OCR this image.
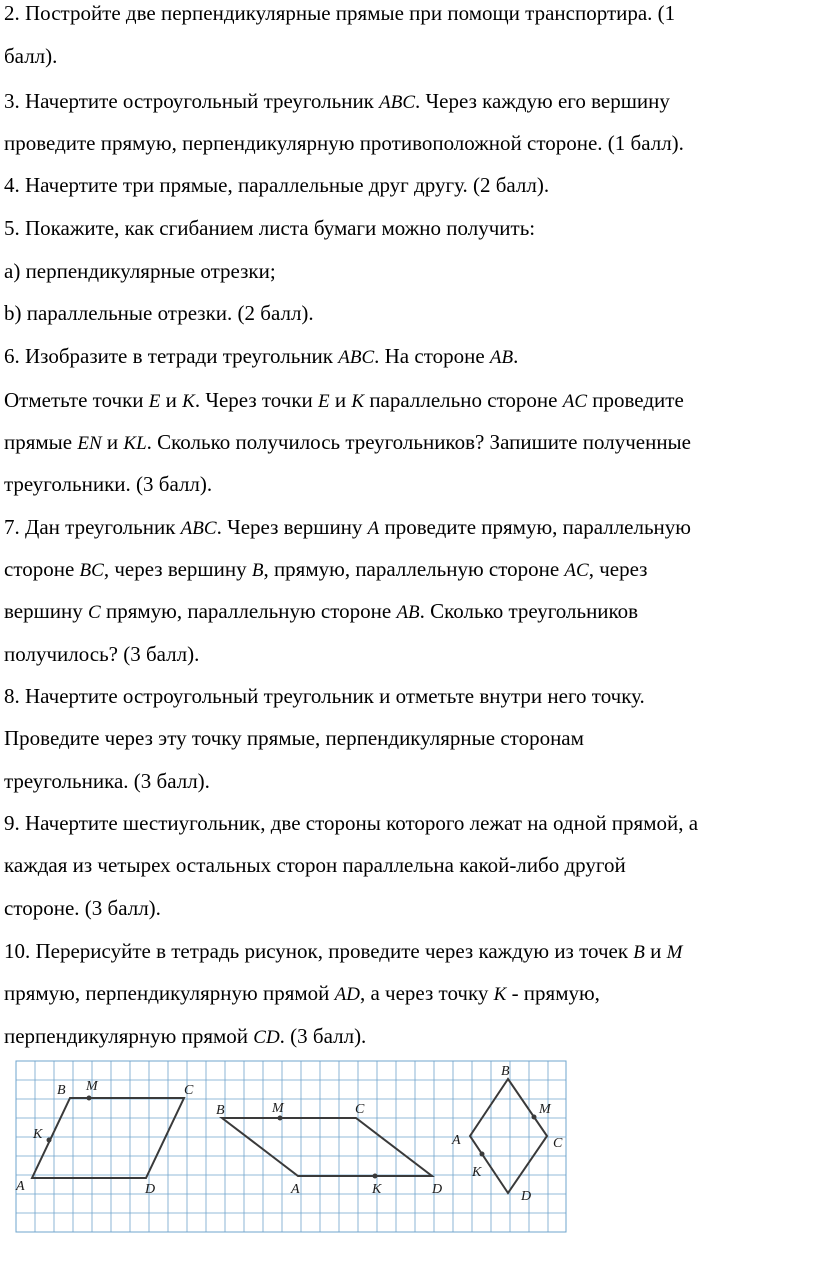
2. Постройте две перпендикулярные прямые при помощи транспортира. (1
балл).
3. Начертите остроугольный треугольник ABC. Через каждую его вершину
проведите прямую, перпендикулярную противоположной стороне. (1 балл).
4. Начертите три прямые, параллельные друг другу. (2 балл).
5. Покажите, как сгибанием листа бумаги можно получить:
a) перпендикулярные отрезки;
b) параллельные отрезки. (2 балл).
6. Изобразите в тетради треугольник ABC. На стороне AB.
Отметьте точки E и K. Через точки E и K параллельно стороне AC проведите
прямые EN и KL. Сколько получилось треугольников? Запишите полученные
треугольники. (3 балл).
7. Дан треугольник ABC. Через вершину A проведите прямую, параллельную
стороне BC, через вершину B, прямую, параллельную стороне AC, через
вершину C прямую, параллельную стороне AB. Сколько треугольников
получилось? (3 балл).
8. Начертите остроугольный треугольник и отметьте внутри него точку.
Проведите через эту точку прямые, перпендикулярные сторонам
треугольника. (3 балл).
9. Начертите шестиугольник, две стороны которого лежат на одной прямой, а
каждая из четырех остальных сторон параллельна какой-либо другой
стороне. (3 балл).
10. Перерисуйте в тетрадь рисунок, проведите через каждую из точек B и M
прямую, перпендикулярную прямой AD, а через точку K - прямую,
перпендикулярную прямой CD. (3 балл).
B M	C
K
A	D
B	M	C
A	K	D
B
M
A	C
K
D
